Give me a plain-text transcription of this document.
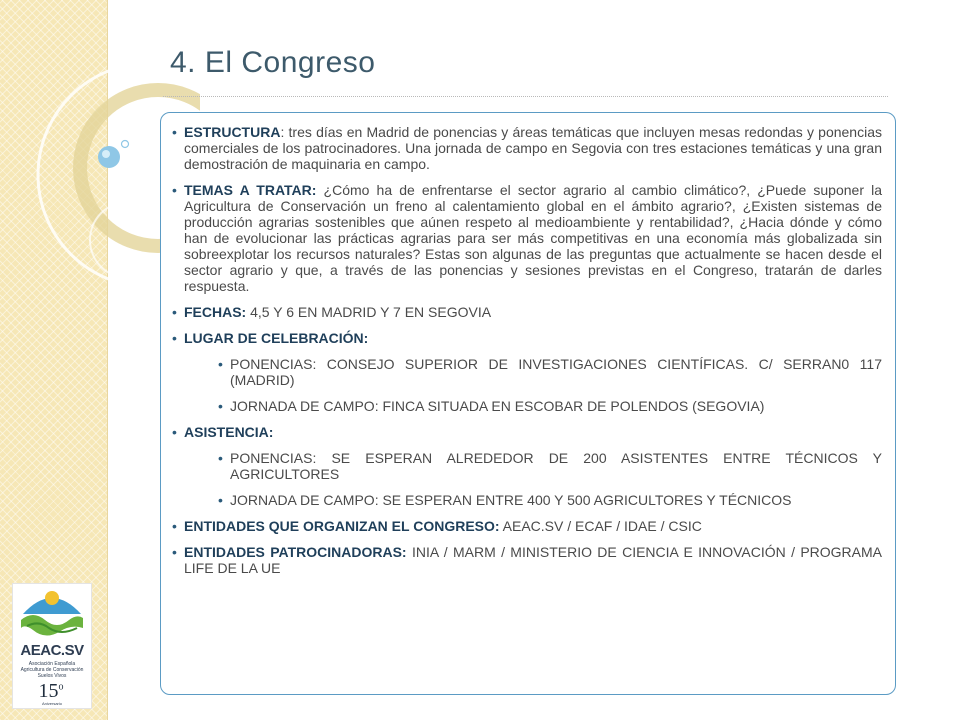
4. El Congreso
• ESTRUCTURA: tres días en Madrid de ponencias y áreas temáticas que incluyen mesas redondas y ponencias comerciales de los patrocinadores. Una jornada de campo en Segovia con tres estaciones temáticas y una gran demostración de maquinaria en campo.
• TEMAS A TRATAR: ¿Cómo ha de enfrentarse el sector agrario al cambio climático?, ¿Puede suponer la Agricultura de Conservación un freno al calentamiento global en el ámbito agrario?, ¿Existen sistemas de producción agrarias sostenibles que aúnen respeto al medioambiente y rentabilidad?, ¿Hacia dónde y cómo han de evolucionar las prácticas agrarias para ser más competitivas en una economía más globalizada sin sobreexplotar los recursos naturales? Estas son algunas de las preguntas que actualmente se hacen desde el sector agrario y que, a través de las ponencias y sesiones previstas en el Congreso, tratarán de darles respuesta.
• FECHAS: 4,5 Y 6 EN MADRID Y 7 EN SEGOVIA
• LUGAR DE CELEBRACIÓN:
• PONENCIAS: CONSEJO SUPERIOR DE INVESTIGACIONES CIENTÍFICAS. C/ SERRAN0 117 (MADRID)
• JORNADA DE CAMPO: FINCA SITUADA EN ESCOBAR DE POLENDOS (SEGOVIA)
• ASISTENCIA:
• PONENCIAS: SE ESPERAN ALREDEDOR DE 200 ASISTENTES ENTRE TÉCNICOS Y AGRICULTORES
• JORNADA DE CAMPO: SE ESPERAN ENTRE 400 Y 500 AGRICULTORES Y TÉCNICOS
• ENTIDADES QUE ORGANIZAN EL CONGRESO: AEAC.SV / ECAF / IDAE / CSIC
• ENTIDADES PATROCINADORAS: INIA / MARM / MINISTERIO DE CIENCIA E INNOVACIÓN / PROGRAMA LIFE DE LA UE
AEAC.SV
Asociación Española
Agricultura de Conservación
Suelos Vivos
15$^o$
Aniversario
